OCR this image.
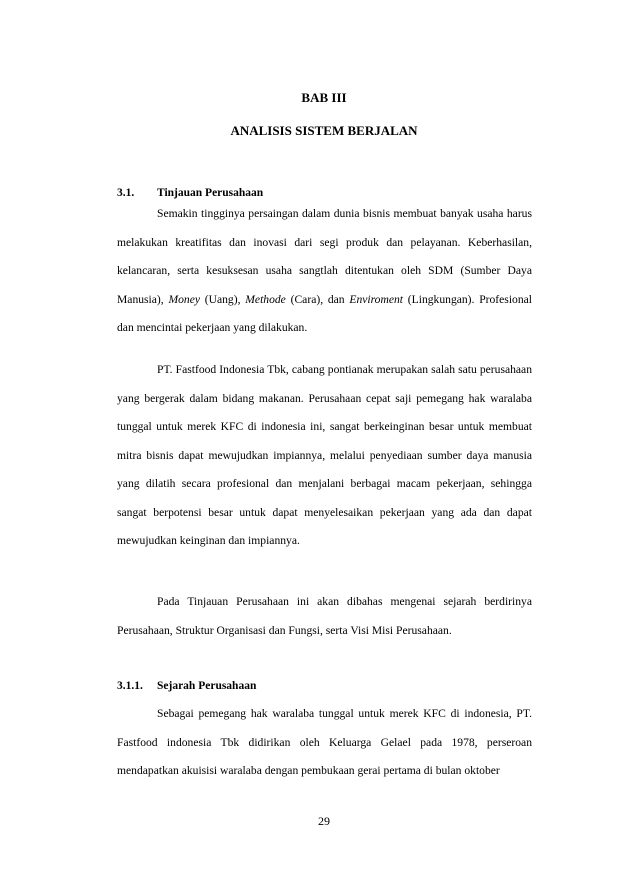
BAB III
ANALISIS SISTEM BERJALAN
3.1. Tinjauan Perusahaan
Semakin tingginya persaingan dalam dunia bisnis membuat banyak usaha harus melakukan kreatifitas dan inovasi dari segi produk dan pelayanan. Keberhasilan, kelancaran, serta kesuksesan usaha sangtlah ditentukan oleh SDM (Sumber Daya Manusia), Money (Uang), Methode (Cara), dan Enviroment (Lingkungan). Profesional dan mencintai pekerjaan yang dilakukan.
PT. Fastfood Indonesia Tbk, cabang pontianak merupakan salah satu perusahaan yang bergerak dalam bidang makanan. Perusahaan cepat saji pemegang hak waralaba tunggal untuk merek KFC di indonesia ini, sangat berkeinginan besar untuk membuat mitra bisnis dapat mewujudkan impiannya, melalui penyediaan sumber daya manusia yang dilatih secara profesional dan menjalani berbagai macam pekerjaan, sehingga sangat berpotensi besar untuk dapat menyelesaikan pekerjaan yang ada dan dapat mewujudkan keinginan dan impiannya.
Pada Tinjauan Perusahaan ini akan dibahas mengenai sejarah berdirinya Perusahaan, Struktur Organisasi dan Fungsi, serta Visi Misi Perusahaan.
3.1.1. Sejarah Perusahaan
Sebagai pemegang hak waralaba tunggal untuk merek KFC di indonesia, PT. Fastfood indonesia Tbk didirikan oleh Keluarga Gelael pada 1978, perseroan mendapatkan akuisisi waralaba dengan pembukaan gerai pertama di bulan oktober
29
